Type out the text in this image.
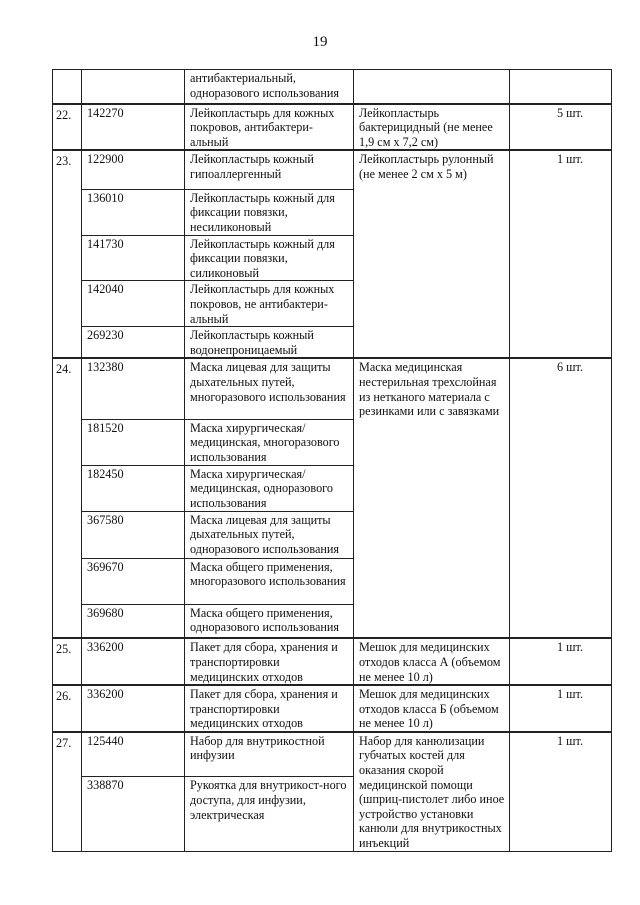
19
		антибактериальный, одноразового использования		
22.	142270	Лейкопластырь для кожных покровов, антибактери-альный	Лейкопластырь бактерицидный (не менее 1,9 см х 7,2 см)	5 шт.
23.	122900	Лейкопластырь кожный гипоаллергенный	Лейкопластырь рулонный (не менее 2 см х 5 м)	1 шт.
	136010	Лейкопластырь кожный для фиксации повязки, несиликоновый		
	141730	Лейкопластырь кожный для фиксации повязки, силиконовый		
	142040	Лейкопластырь для кожных покровов, не антибактери-альный		
	269230	Лейкопластырь кожный водонепроницаемый		
24.	132380	Маска лицевая для защиты дыхательных путей, многоразового использования	Маска медицинская нестерильная трехслойная из нетканого материала с резинками или с завязками	6 шт.
	181520	Маска хирургическая/ медицинская, многоразового использования		
	182450	Маска хирургическая/ медицинская, одноразового использования		
	367580	Маска лицевая для защиты дыхательных путей, одноразового использования		
	369670	Маска общего применения, многоразового использования		
	369680	Маска общего применения, одноразового использования		
25.	336200	Пакет для сбора, хранения и транспортировки медицинских отходов	Мешок для медицинских отходов класса А (объемом не менее 10 л)	1 шт.
26.	336200	Пакет для сбора, хранения и транспортировки медицинских отходов	Мешок для медицинских отходов класса Б (объемом не менее 10 л)	1 шт.
27.	125440	Набор для внутрикостной инфузии	Набор для канюлизации губчатых костей для оказания скорой медицинской помощи (шприц-пистолет либо иное устройство установки канюли для внутрикостных инъекций	1 шт.
	338870	Рукоятка для внутрикост-ного доступа, для инфузии, электрическая		
